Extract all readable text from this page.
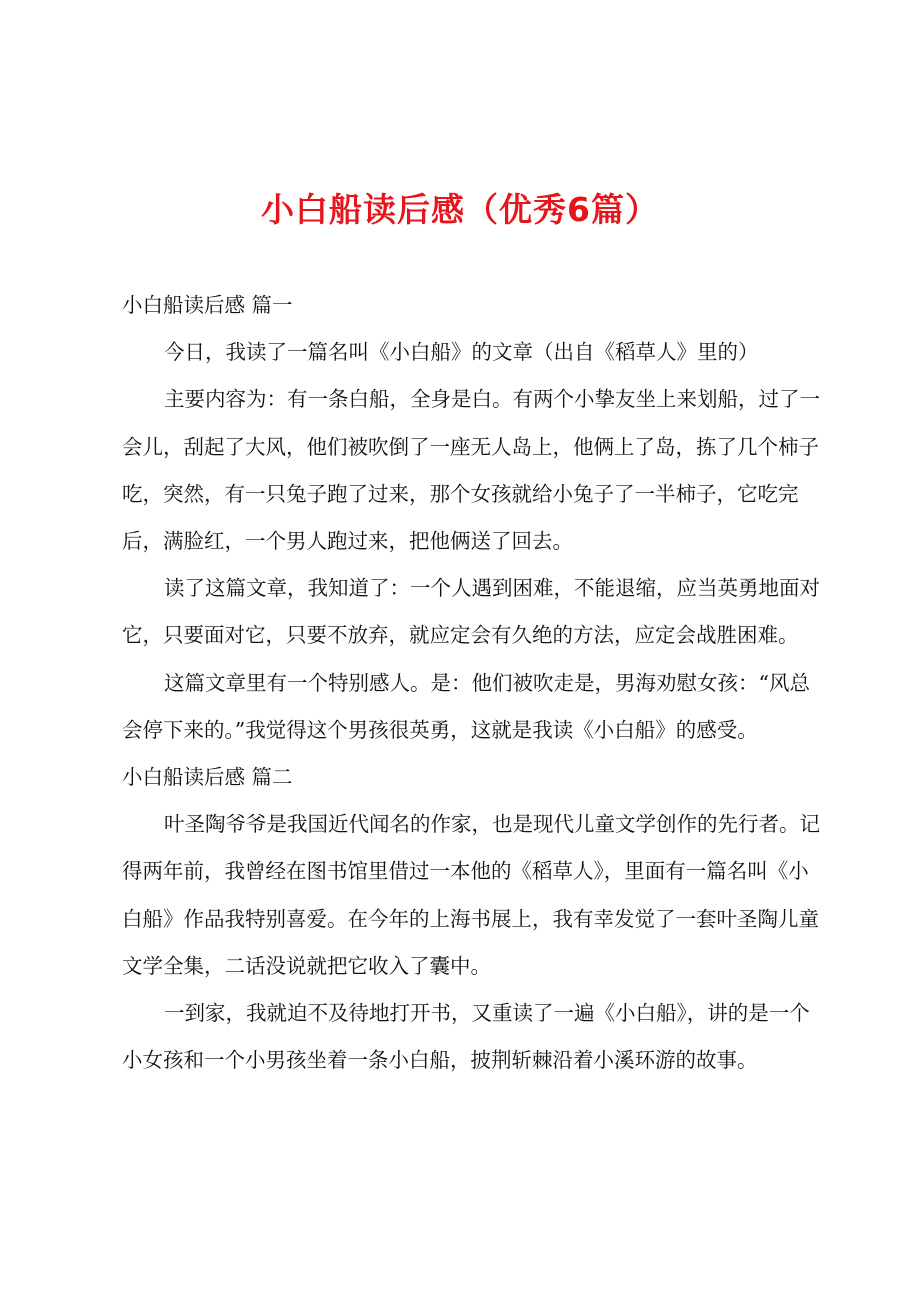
小白船读后感（优秀6篇）

小白船读后感 篇一

今日，我读了一篇名叫《小白船》的文章（出自《稻草人》里的）

主要内容为：有一条白船，全身是白。有两个小挚友坐上来划船，过了一会儿，刮起了大风，他们被吹倒了一座无人岛上，他俩上了岛，拣了几个柿子吃，突然，有一只兔子跑了过来，那个女孩就给小兔子了一半柿子，它吃完后，满脸红，一个男人跑过来，把他俩送了回去。

读了这篇文章，我知道了：一个人遇到困难，不能退缩，应当英勇地面对它，只要面对它，只要不放弃，就应定会有久绝的方法，应定会战胜困难。

这篇文章里有一个特别感人。是：他们被吹走是，男海劝慰女孩：“风总会停下来的。”我觉得这个男孩很英勇，这就是我读《小白船》的感受。

小白船读后感 篇二

叶圣陶爷爷是我国近代闻名的作家，也是现代儿童文学创作的先行者。记得两年前，我曾经在图书馆里借过一本他的《稻草人》，里面有一篇名叫《小白船》作品我特别喜爱。在今年的上海书展上，我有幸发觉了一套叶圣陶儿童文学全集，二话没说就把它收入了囊中。

一到家，我就迫不及待地打开书，又重读了一遍《小白船》，讲的是一个小女孩和一个小男孩坐着一条小白船，披荆斩棘沿着小溪环游的故事。
